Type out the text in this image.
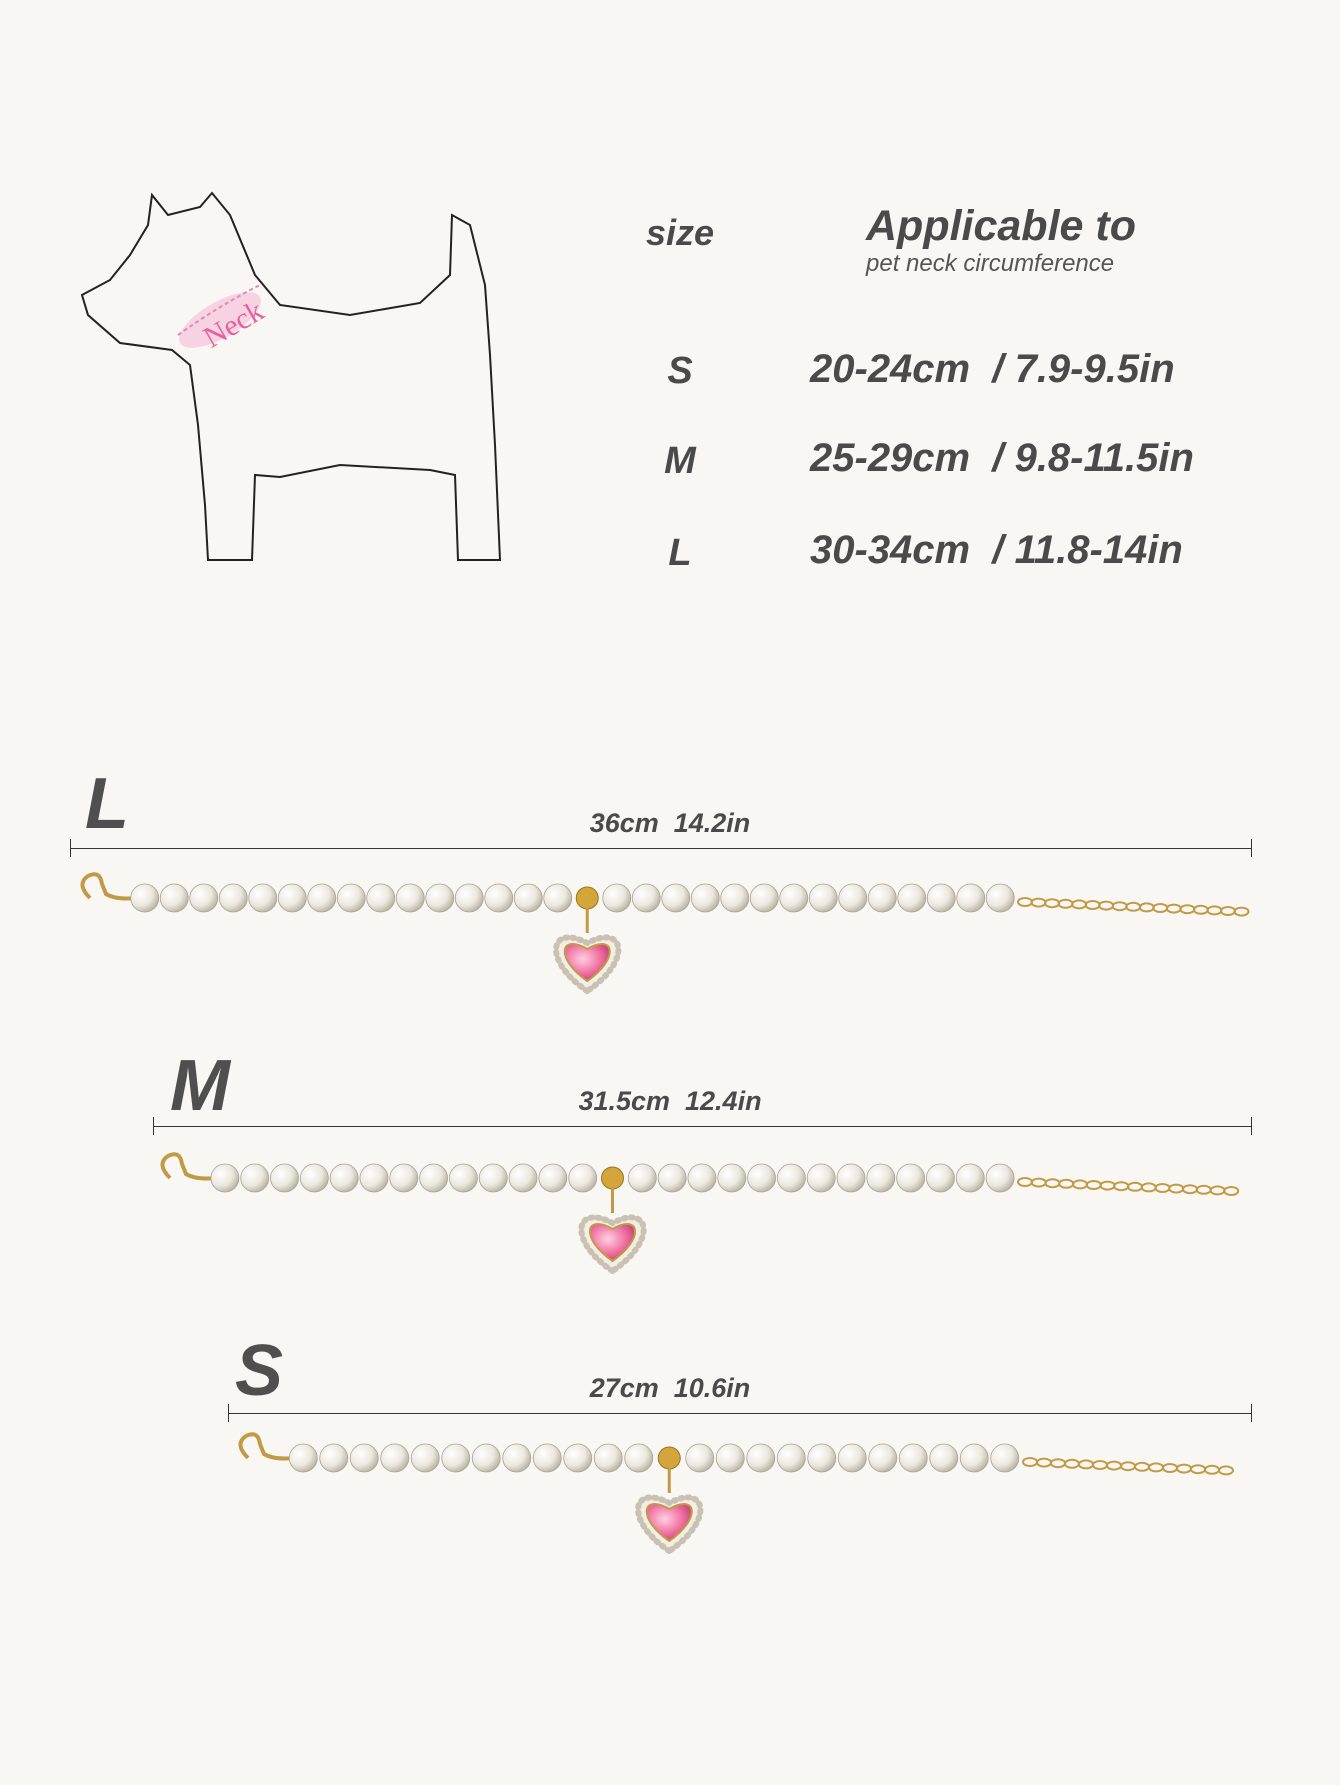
Neck
size	Applicable to
pet neck circumference
S	20-24cm  / 7.9-9.5in
M	25-29cm  / 9.8-11.5in
L	30-34cm  / 11.8-14in
L	36cm  14.2in
M	31.5cm  12.4in
S	27cm  10.6in
